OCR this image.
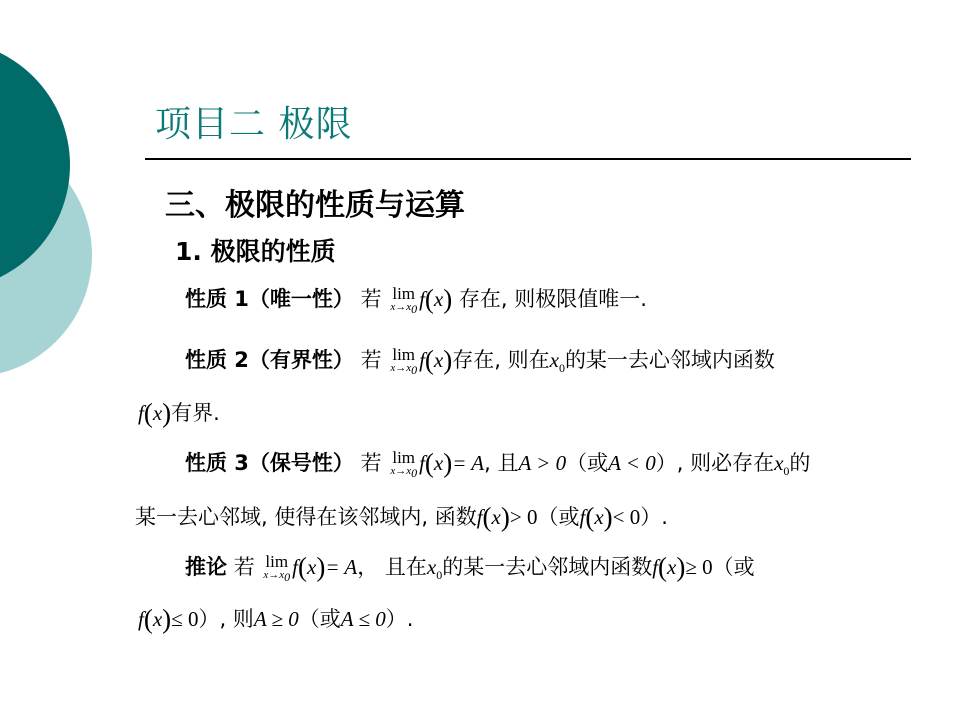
项目二 极限
三、极限的性质与运算
1. 极限的性质
性质 1（唯一性） 若 lim
$x\to x_0$ f(x) 存在, 则极限值唯一.
性质 2（有界性） 若 lim
$x\to x_0$ f(x)存在, 则在$x_0$的某一去心邻域内函数
f(x)有界.
性质 3（保号性） 若 lim
$x\to x_0$ f(x)= A, 且A > 0（或A < 0）, 则必存在$x_0$的
某一去心邻域, 使得在该邻域内, 函数f(x)> 0（或f(x)< 0）.
推论 若 lim
$x\to x_0$ f(x)= A， 且在$x_0$的某一去心邻域内函数f(x)≥ 0（或
f(x)≤ 0）, 则A ≥ 0（或A ≤ 0）.
